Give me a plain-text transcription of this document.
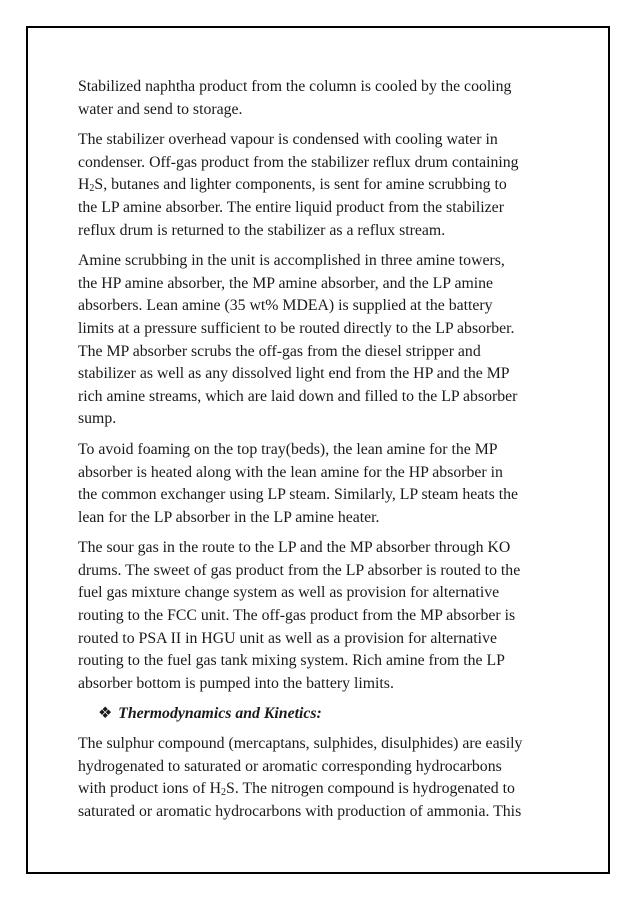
Stabilized naphtha product from the column is cooled by the cooling
water and send to storage.

The stabilizer overhead vapour is condensed with cooling water in
condenser. Off-gas product from the stabilizer reflux drum containing
$H_2S$, butanes and lighter components, is sent for amine scrubbing to
the LP amine absorber. The entire liquid product from the stabilizer
reflux drum is returned to the stabilizer as a reflux stream.

Amine scrubbing in the unit is accomplished in three amine towers,
the HP amine absorber, the MP amine absorber, and the LP amine
absorbers. Lean amine (35 wt% MDEA) is supplied at the battery
limits at a pressure sufficient to be routed directly to the LP absorber.
The MP absorber scrubs the off-gas from the diesel stripper and
stabilizer as well as any dissolved light end from the HP and the MP
rich amine streams, which are laid down and filled to the LP absorber
sump.

To avoid foaming on the top tray(beds), the lean amine for the MP
absorber is heated along with the lean amine for the HP absorber in
the common exchanger using LP steam. Similarly, LP steam heats the
lean for the LP absorber in the LP amine heater.

The sour gas in the route to the LP and the MP absorber through KO
drums. The sweet of gas product from the LP absorber is routed to the
fuel gas mixture change system as well as provision for alternative
routing to the FCC unit. The off-gas product from the MP absorber is
routed to PSA II in HGU unit as well as a provision for alternative
routing to the fuel gas tank mixing system. Rich amine from the LP
absorber bottom is pumped into the battery limits.

❖ Thermodynamics and Kinetics:

The sulphur compound (mercaptans, sulphides, disulphides) are easily
hydrogenated to saturated or aromatic corresponding hydrocarbons
with product ions of $H_2S$. The nitrogen compound is hydrogenated to
saturated or aromatic hydrocarbons with production of ammonia. This
